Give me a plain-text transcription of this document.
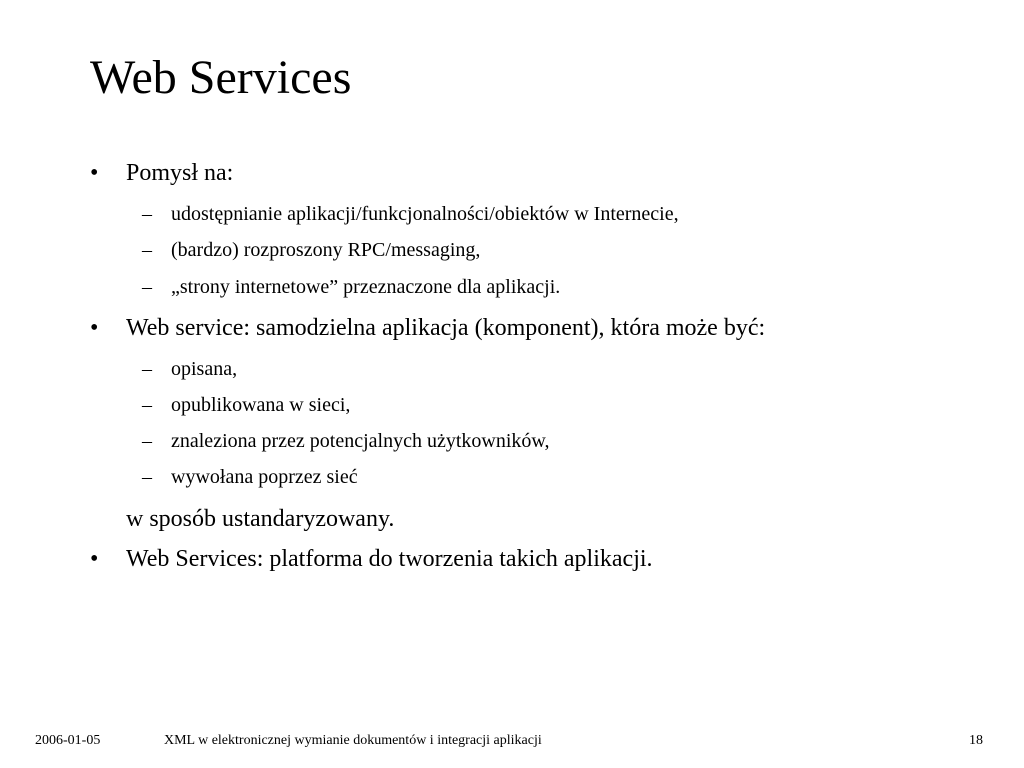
Web Services
• Pomysł na:
– udostępnianie aplikacji/funkcjonalności/obiektów w Internecie,
– (bardzo) rozproszony RPC/messaging,
– „strony internetowe” przeznaczone dla aplikacji.
• Web service: samodzielna aplikacja (komponent), która może być:
– opisana,
– opublikowana w sieci,
– znaleziona przez potencjalnych użytkowników,
– wywołana poprzez sieć
w sposób ustandaryzowany.
• Web Services: platforma do tworzenia takich aplikacji.
2006-01-05	XML w elektronicznej wymianie dokumentów i integracji aplikacji	18
